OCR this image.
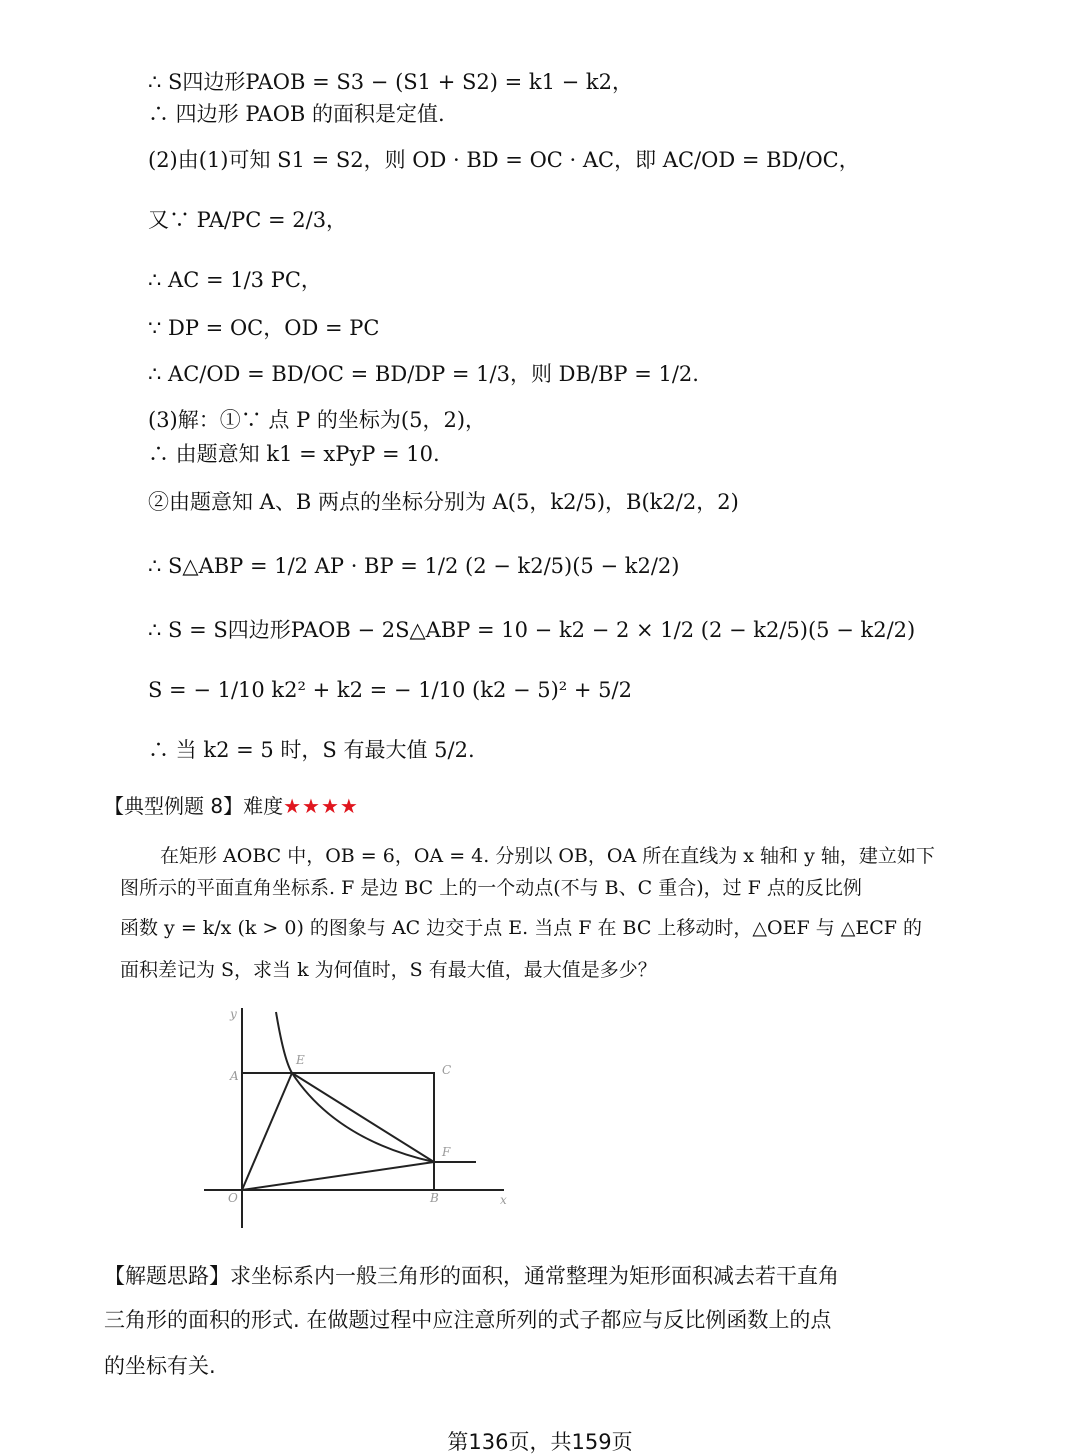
∴ S四边形PAOB = S3 − (S1 + S2) = k1 − k2，
∴ 四边形 PAOB 的面积是定值.
(2)由(1)可知 S1 = S2，则 OD · BD = OC · AC，即 AC/OD = BD/OC，
又∵ PA/PC = 2/3，
∴ AC = 1/3 PC，
∵ DP = OC，OD = PC
∴ AC/OD = BD/OC = BD/DP = 1/3，则 DB/BP = 1/2.
(3)解：①∵ 点 P 的坐标为(5，2)，
∴ 由题意知 k1 = xPyP = 10.
②由题意知 A、B 两点的坐标分别为 A(5，k2/5)，B(k2/2，2)
∴ S△ABP = 1/2 AP · BP = 1/2 (2 − k2/5)(5 − k2/2)
∴ S = S四边形PAOB − 2S△ABP = 10 − k2 − 2 × 1/2 (2 − k2/5)(5 − k2/2)
S = − 1/10 k2² + k2 = − 1/10 (k2 − 5)² + 5/2
∴ 当 k2 = 5 时，S 有最大值 5/2.
【典型例题 8】难度★★★★
在矩形 AOBC 中，OB = 6，OA = 4. 分别以 OB，OA 所在直线为 x 轴和 y 轴，建立如下
图所示的平面直角坐标系. F 是边 BC 上的一个动点(不与 B、C 重合)，过 F 点的反比例
函数 y = k/x (k > 0) 的图象与 AC 边交于点 E. 当点 F 在 BC 上移动时，△OEF 与 △ECF 的
面积差记为 S，求当 k 为何值时，S 有最大值，最大值是多少？
y
x
O
A
B
C
E
F
【解题思路】求坐标系内一般三角形的面积，通常整理为矩形面积减去若干直角
三角形的面积的形式. 在做题过程中应注意所列的式子都应与反比例函数上的点
的坐标有关.
第136页，共159页
